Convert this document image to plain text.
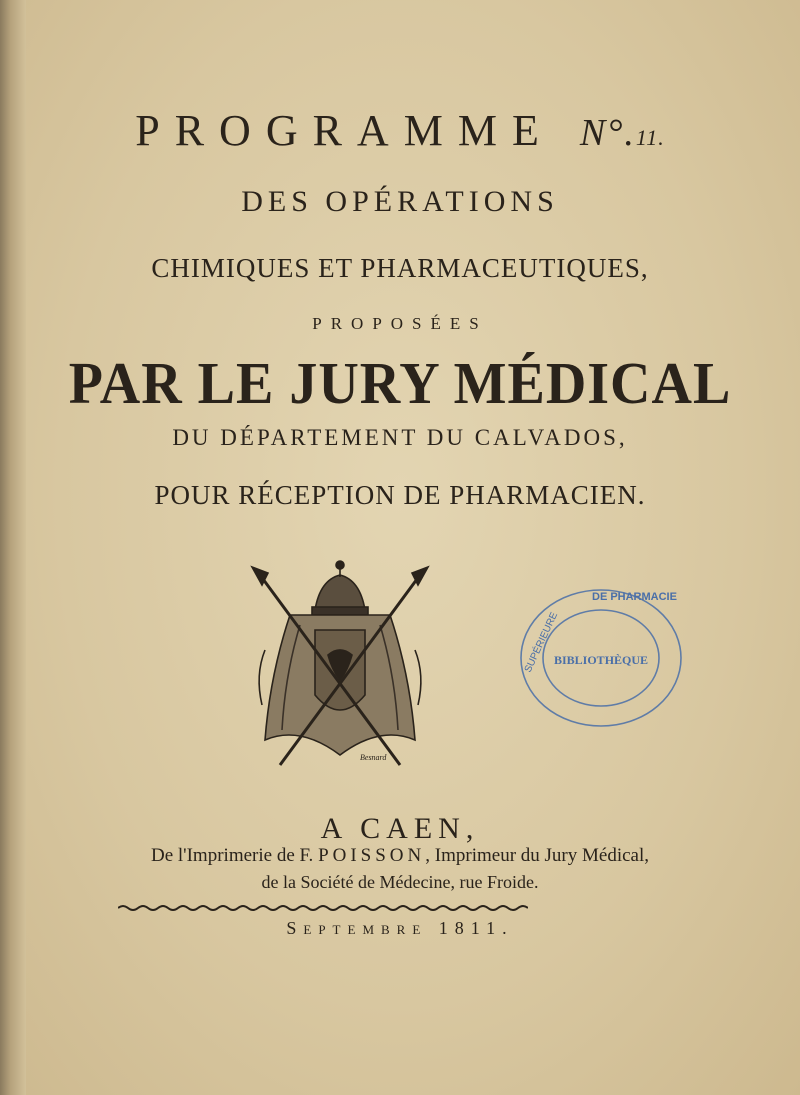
PROGRAMME N°.11.
DES OPÉRATIONS
CHIMIQUES ET PHARMACEUTIQUES,
PROPOSÉES
PAR LE JURY MÉDICAL
DU DÉPARTEMENT DU CALVADOS,
POUR RÉCEPTION DE PHARMACIEN.
Besnard
DE PHARMACIE
SUPÉRIEURE
BIBLIOTHÈQUE
A CAEN,
De l'Imprimerie de F. POISSON, Imprimeur du Jury Médical,
de la Société de Médecine, rue Froide.
Septembre 1811.
